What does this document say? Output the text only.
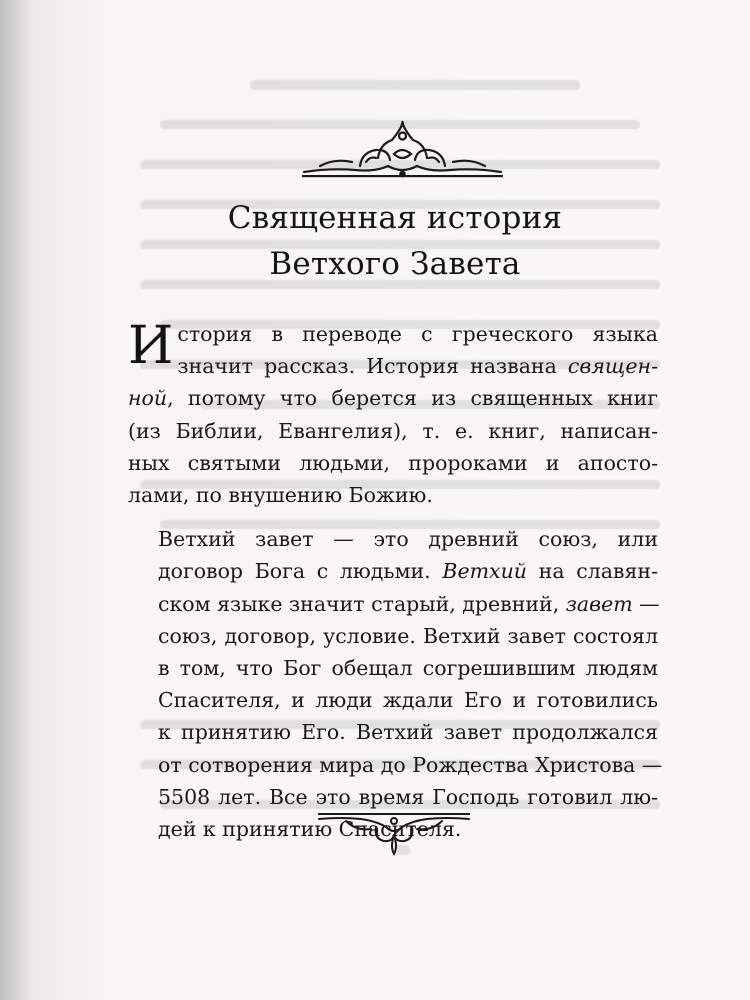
Священная история
Ветхого Завета
И стория в переводе с греческого языка
значит рассказ. История названа священ-
ной, потому что берется из священных книг
(из Библии, Евангелия), т. е. книг, написан-
ных святыми людьми, пророками и апосто-
лами, по внушению Божию.
Ветхий завет — это древний союз, или
договор Бога с людьми. Ветхий на славян-
ском языке значит старый, древний, завет —
союз, договор, условие. Ветхий завет состоял
в том, что Бог обещал согрешившим людям
Спасителя, и люди ждали Его и готовились
к принятию Его. Ветхий завет продолжался
от сотворения мира до Рождества Христова —
5508 лет. Все это время Господь готовил лю-
дей к принятию Спасителя.
